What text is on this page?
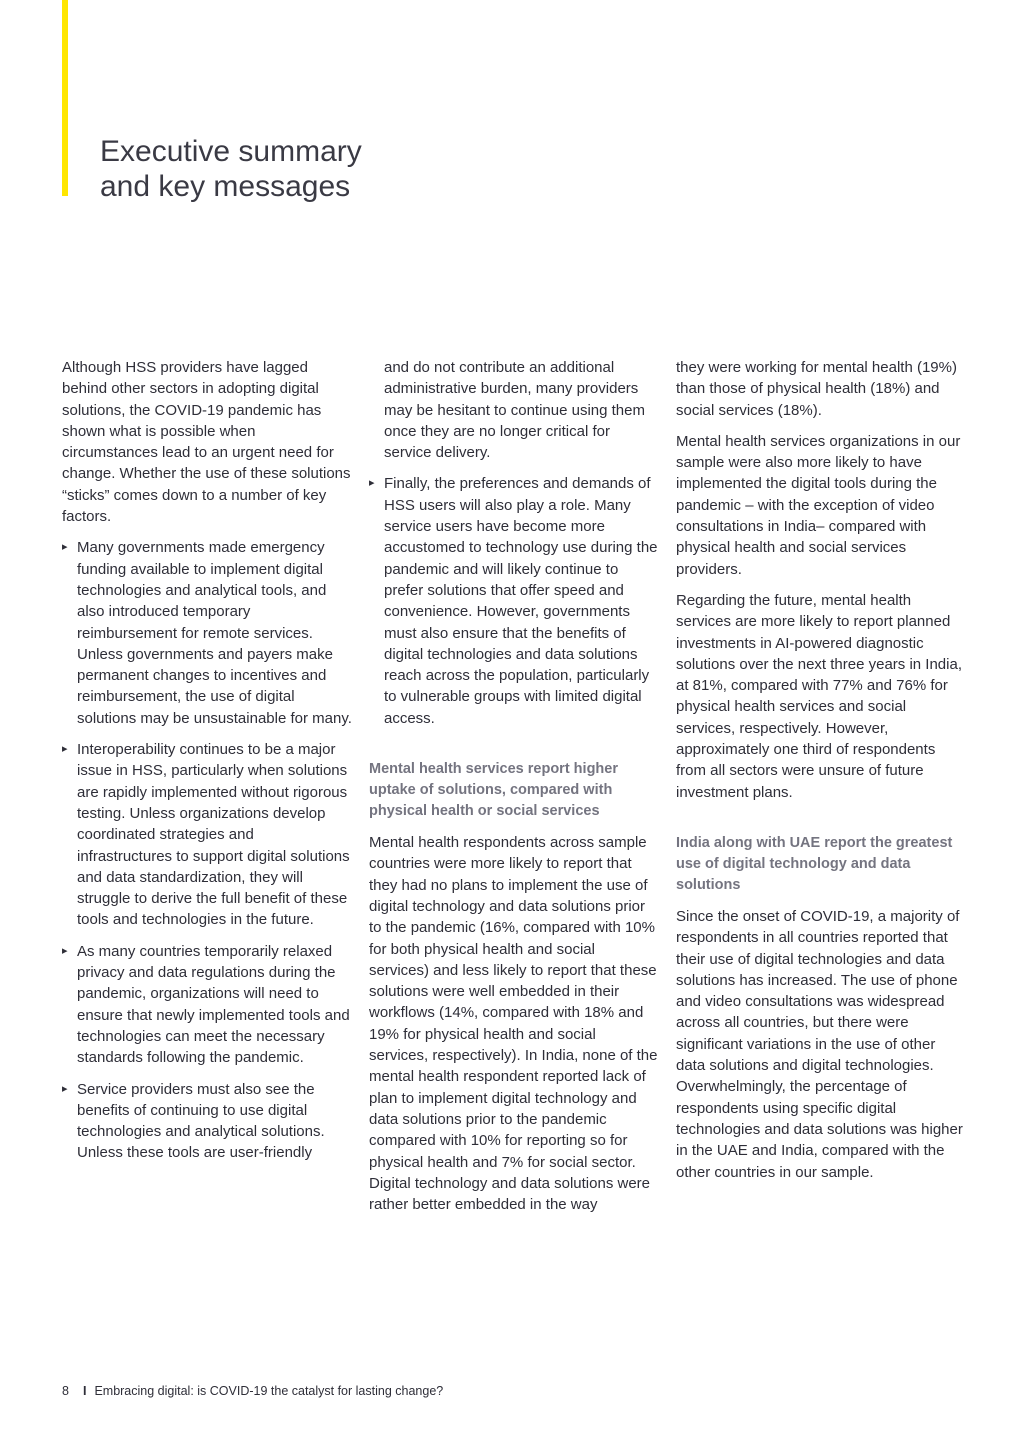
Executive summary
and key messages

Although HSS providers have lagged behind other sectors in adopting digital solutions, the COVID-19 pandemic has shown what is possible when circumstances lead to an urgent need for change. Whether the use of these solutions “sticks” comes down to a number of key factors.

▸ Many governments made emergency funding available to implement digital technologies and analytical tools, and also introduced temporary reimbursement for remote services. Unless governments and payers make permanent changes to incentives and reimbursement, the use of digital solutions may be unsustainable for many.
▸ Interoperability continues to be a major issue in HSS, particularly when solutions are rapidly implemented without rigorous testing. Unless organizations develop coordinated strategies and infrastructures to support digital solutions and data standardization, they will struggle to derive the full benefit of these tools and technologies in the future.
▸ As many countries temporarily relaxed privacy and data regulations during the pandemic, organizations will need to ensure that newly implemented tools and technologies can meet the necessary standards following the pandemic.
▸ Service providers must also see the benefits of continuing to use digital technologies and analytical solutions. Unless these tools are user-friendly

and do not contribute an additional administrative burden, many providers may be hesitant to continue using them once they are no longer critical for service delivery.

▸ Finally, the preferences and demands of HSS users will also play a role. Many service users have become more accustomed to technology use during the pandemic and will likely continue to prefer solutions that offer speed and convenience. However, governments must also ensure that the benefits of digital technologies and data solutions reach across the population, particularly to vulnerable groups with limited digital access.
Mental health services report higher uptake of solutions, compared with physical health or social services

Mental health respondents across sample countries were more likely to report that they had no plans to implement the use of digital technology and data solutions prior to the pandemic (16%, compared with 10% for both physical health and social services) and less likely to report that these solutions were well embedded in their workflows (14%, compared with 18% and 19% for physical health and social services, respectively). In India, none of the mental health respondent reported lack of plan to implement digital technology and data solutions prior to the pandemic compared with 10% for reporting so for physical health and 7% for social sector. Digital technology and data solutions were rather better embedded in the way

they were working for mental health (19%) than those of physical health (18%) and social services (18%).

Mental health services organizations in our sample were also more likely to have implemented the digital tools during the pandemic – with the exception of video consultations in India– compared with physical health and social services providers.

Regarding the future, mental health services are more likely to report planned investments in AI-powered diagnostic solutions over the next three years in India, at 81%, compared with 77% and 76% for physical health services and social services, respectively. However, approximately one third of respondents from all sectors were unsure of future investment plans.

India along with UAE report the greatest use of digital technology and data solutions

Since the onset of COVID-19, a majority of respondents in all countries reported that their use of digital technologies and data solutions has increased. The use of phone and video consultations was widespread across all countries, but there were significant variations in the use of other data solutions and digital technologies. Overwhelmingly, the percentage of respondents using specific digital technologies and data solutions was higher in the UAE and India, compared with the other countries in our sample.

8 I Embracing digital: is COVID-19 the catalyst for lasting change?
